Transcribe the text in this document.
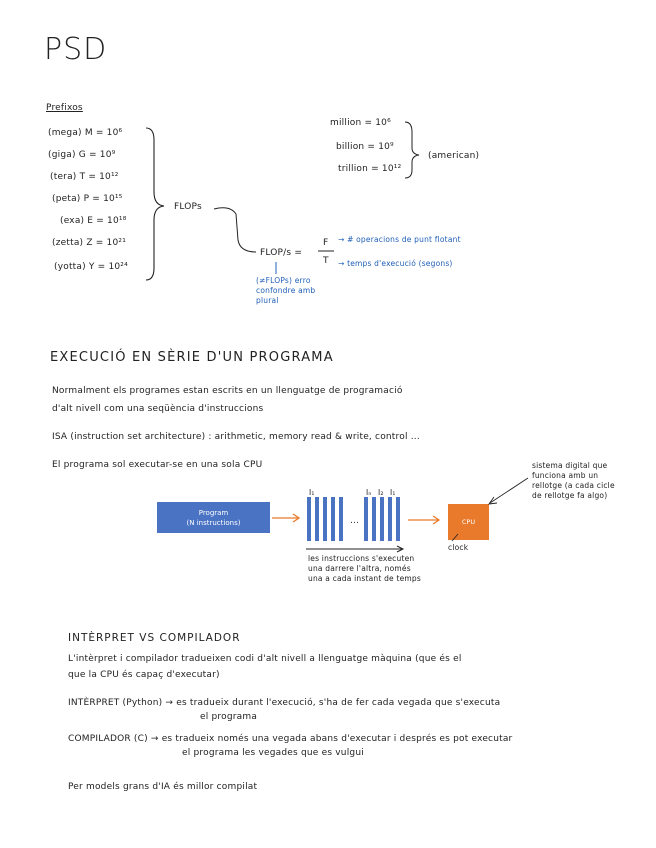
PSD
Prefixos
(mega) M = 10⁶
(giga) G = 10⁹
(tera) T = 10¹²
(peta) P = 10¹⁵
(exa) E = 10¹⁸
(zetta) Z = 10²¹
(yotta) Y = 10²⁴
FLOPs
million = 10⁶
billion = 10⁹
trillion = 10¹²
(american)
FLOP/s =
F
T
→ # operacions de punt flotant
→ temps d'execució (segons)
(≠FLOPs) erro
confondre amb
plural
EXECUCIÓ EN SÈRIE D'UN PROGRAMA
Normalment els programes estan escrits en un llenguatge de programació
d'alt nivell com una seqüència d'instruccions
ISA (instruction set architecture) : arithmetic, memory read & write, control ...
El programa sol executar-se en una sola CPU
Program
(N instructions)
I₁	Iₙ I₂ I₁
...	CPU
clock
sistema digital que
funciona amb un
rellotge (a cada cicle
de rellotge fa algo)
les instruccions s'executen
una darrere l'altra, només
una a cada instant de temps
INTÈRPRET VS COMPILADOR
L'intèrpret i compilador tradueixen codi d'alt nivell a llenguatge màquina (que és el
que la CPU és capaç d'executar)
INTÈRPRET (Python) → es tradueix durant l'execució, s'ha de fer cada vegada que s'executa
el programa
COMPILADOR (C) → es tradueix només una vegada abans d'executar i després es pot executar
el programa les vegades que es vulgui
Per models grans d'IA és millor compilat
